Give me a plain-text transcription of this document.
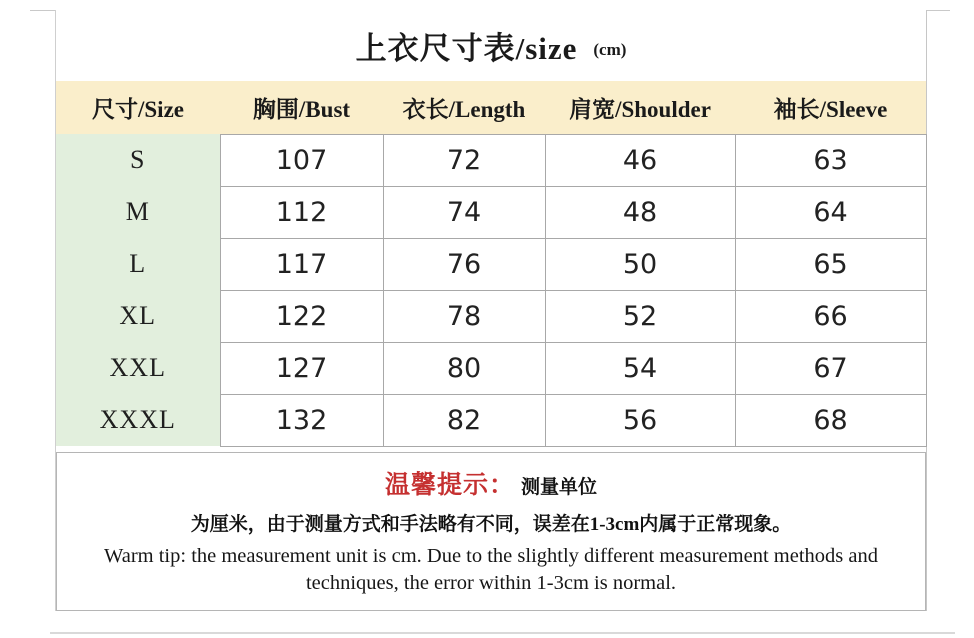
上衣尺寸表/size (cm)
尺寸/Size	胸围/Bust	衣长/Length	肩宽/Shoulder	袖长/Sleeve
S	107	72	46	63
M	112	74	48	64
L	117	76	50	65
XL	122	78	52	66
XXL	127	80	54	67
XXXL	132	82	56	68
温馨提示： 测量单位
为厘米，由于测量方式和手法略有不同，误差在1-3cm内属于正常现象。
Warm tip: the measurement unit is cm. Due to the slightly different measurement methods and techniques, the error within 1-3cm is normal.
